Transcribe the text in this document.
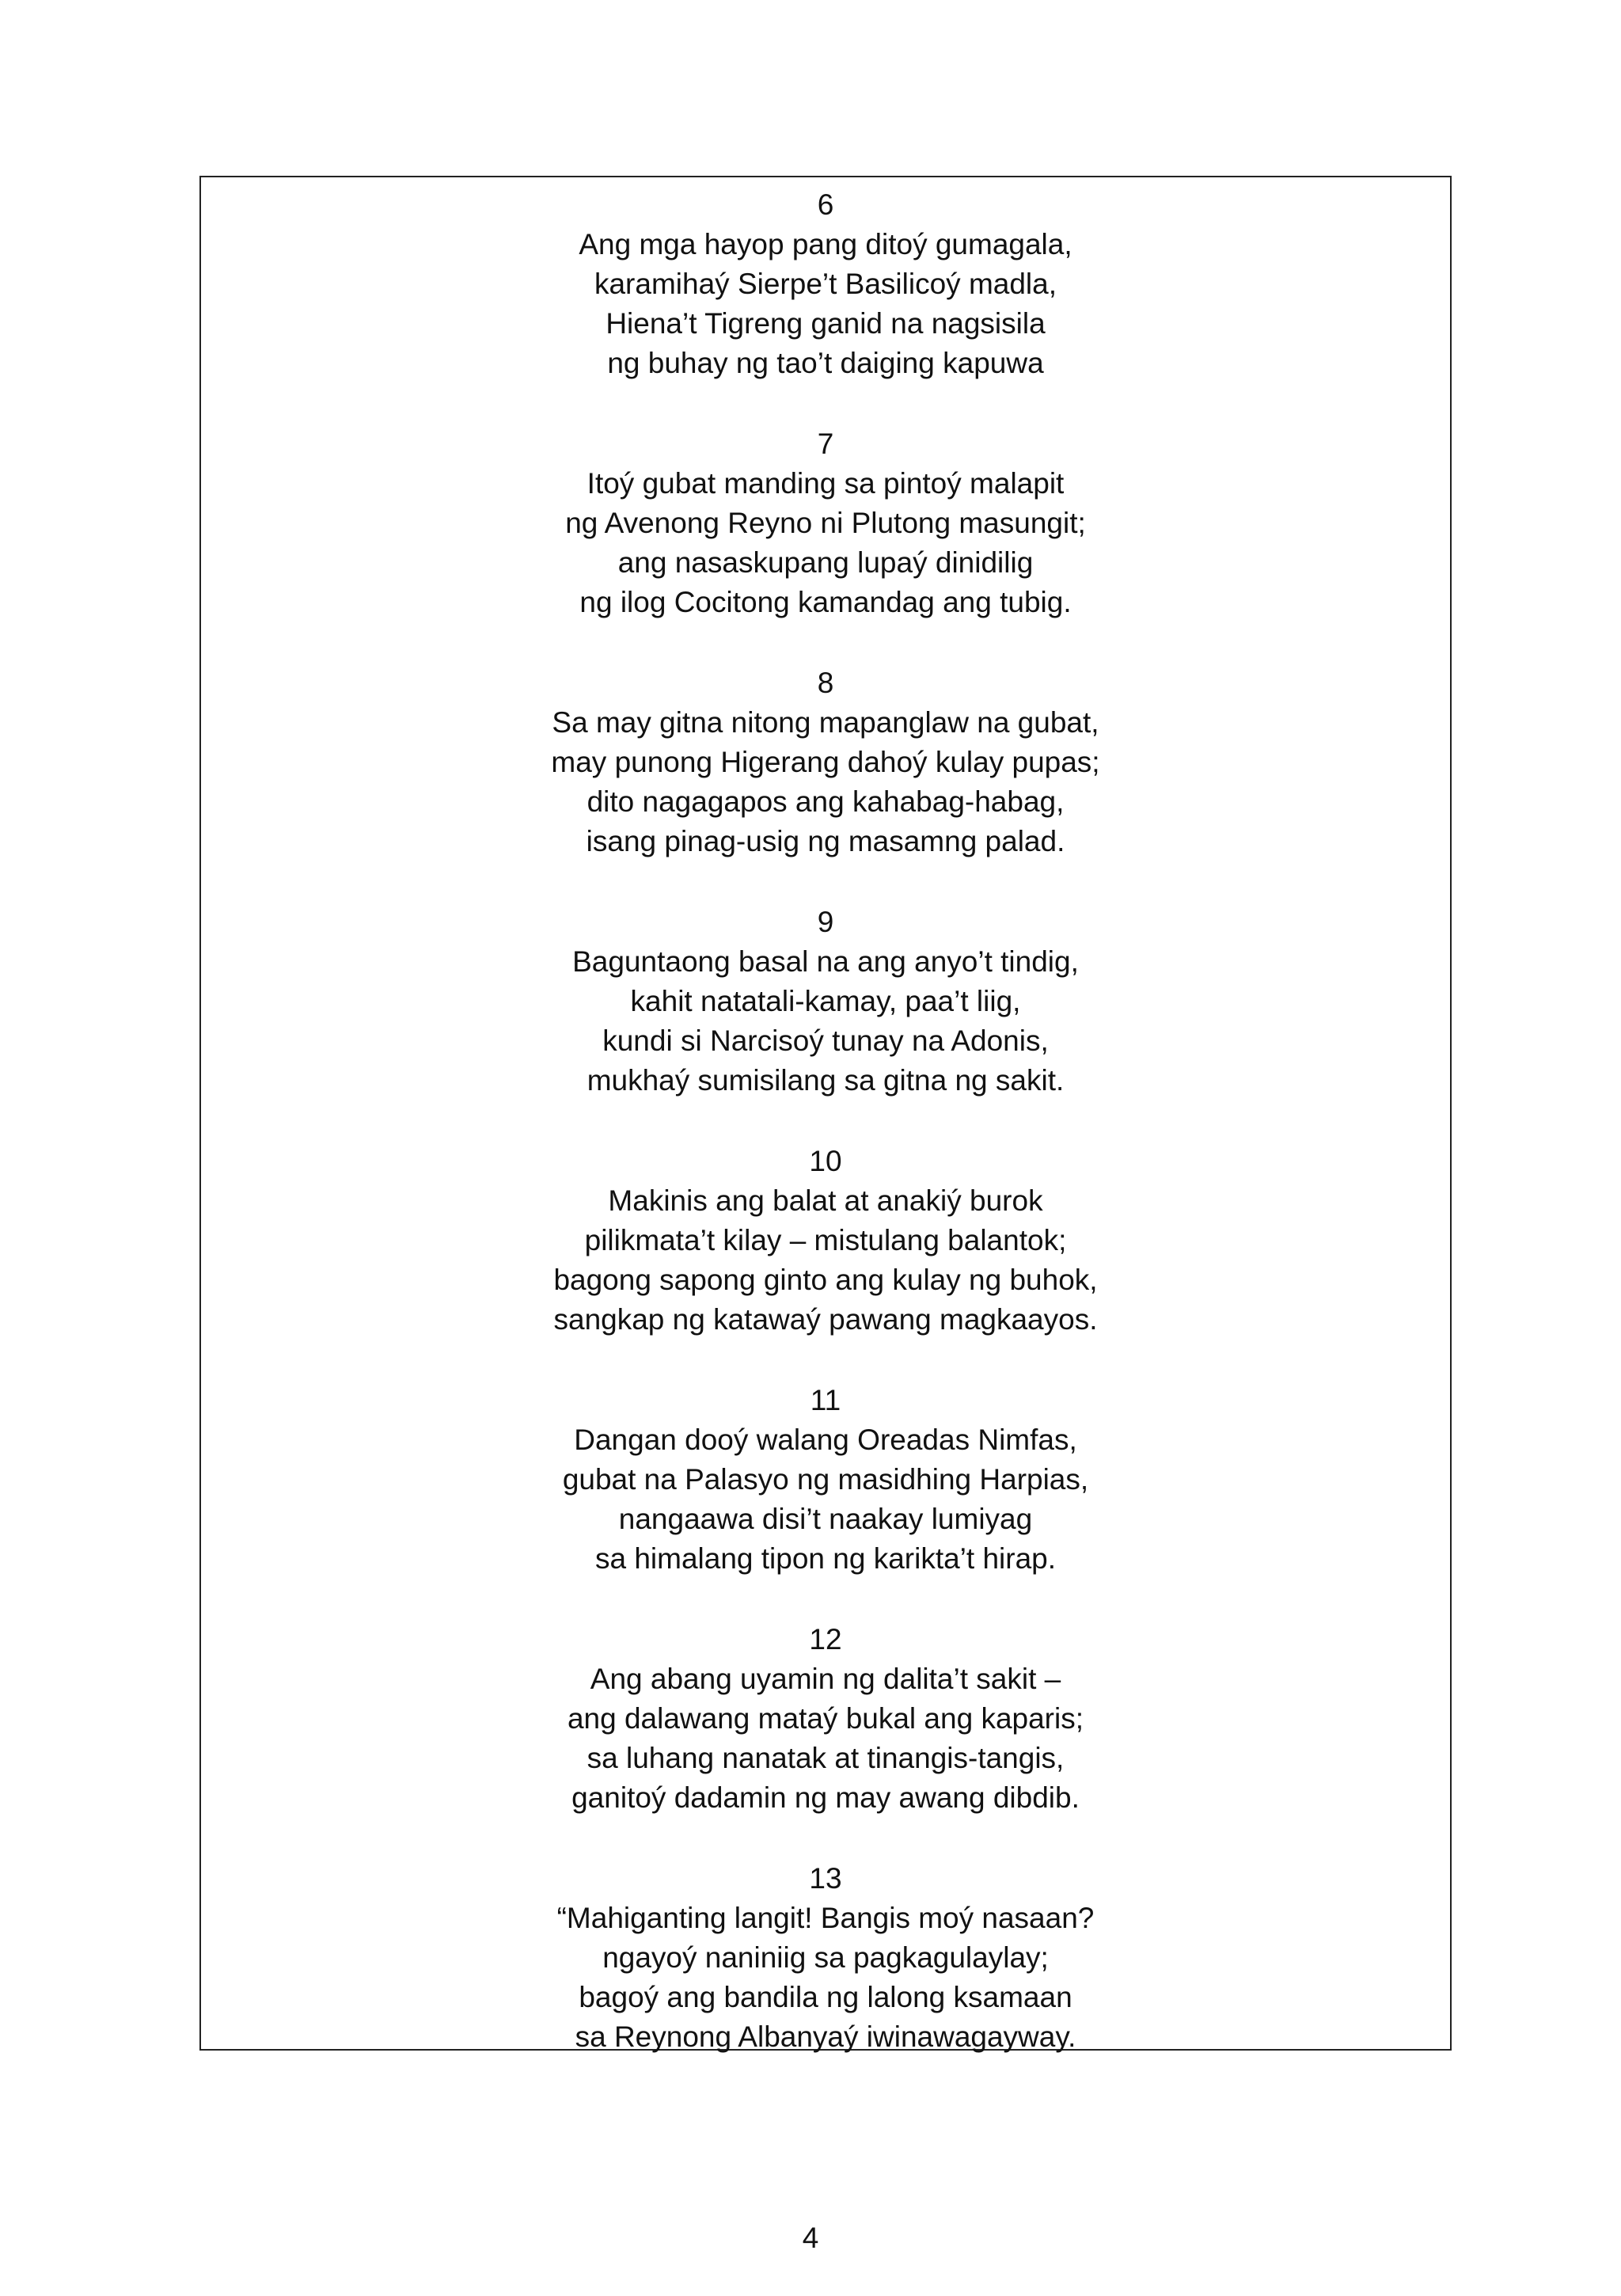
6
Ang mga hayop pang ditoý gumagala,
karamihaý Sierpe’t Basilicoý madla,
Hiena’t Tigreng ganid na nagsisila
ng buhay ng tao’t daiging kapuwa
7
Itoý gubat manding sa pintoý malapit
ng Avenong Reyno ni Plutong masungit;
ang nasaskupang lupaý dinidilig
ng ilog Cocitong kamandag ang tubig.
8
Sa may gitna nitong mapanglaw na gubat,
may punong Higerang dahoý kulay pupas;
dito nagagapos ang kahabag-habag,
isang pinag-usig ng masamng palad.
9
Baguntaong basal na ang anyo’t tindig,
kahit natatali-kamay, paa’t liig,
kundi si Narcisoý tunay na Adonis,
mukhaý sumisilang sa gitna ng sakit.
10
Makinis ang balat at anakiý burok
pilikmata’t kilay – mistulang balantok;
bagong sapong ginto ang kulay ng buhok,
sangkap ng katawaý pawang magkaayos.
11
Dangan dooý walang Oreadas Nimfas,
gubat na Palasyo ng masidhing Harpias,
nangaawa disi’t naakay lumiyag
sa himalang tipon ng karikta’t hirap.
12
Ang abang uyamin ng dalita’t sakit –
ang dalawang mataý bukal ang kaparis;
sa luhang nanatak at tinangis-tangis,
ganitoý dadamin ng may awang dibdib.
13
“Mahiganting langit! Bangis moý nasaan?
ngayoý naniniig sa pagkagulaylay;
bagoý ang bandila ng lalong ksamaan
sa Reynong Albanyaý iwinawagayway.
4
